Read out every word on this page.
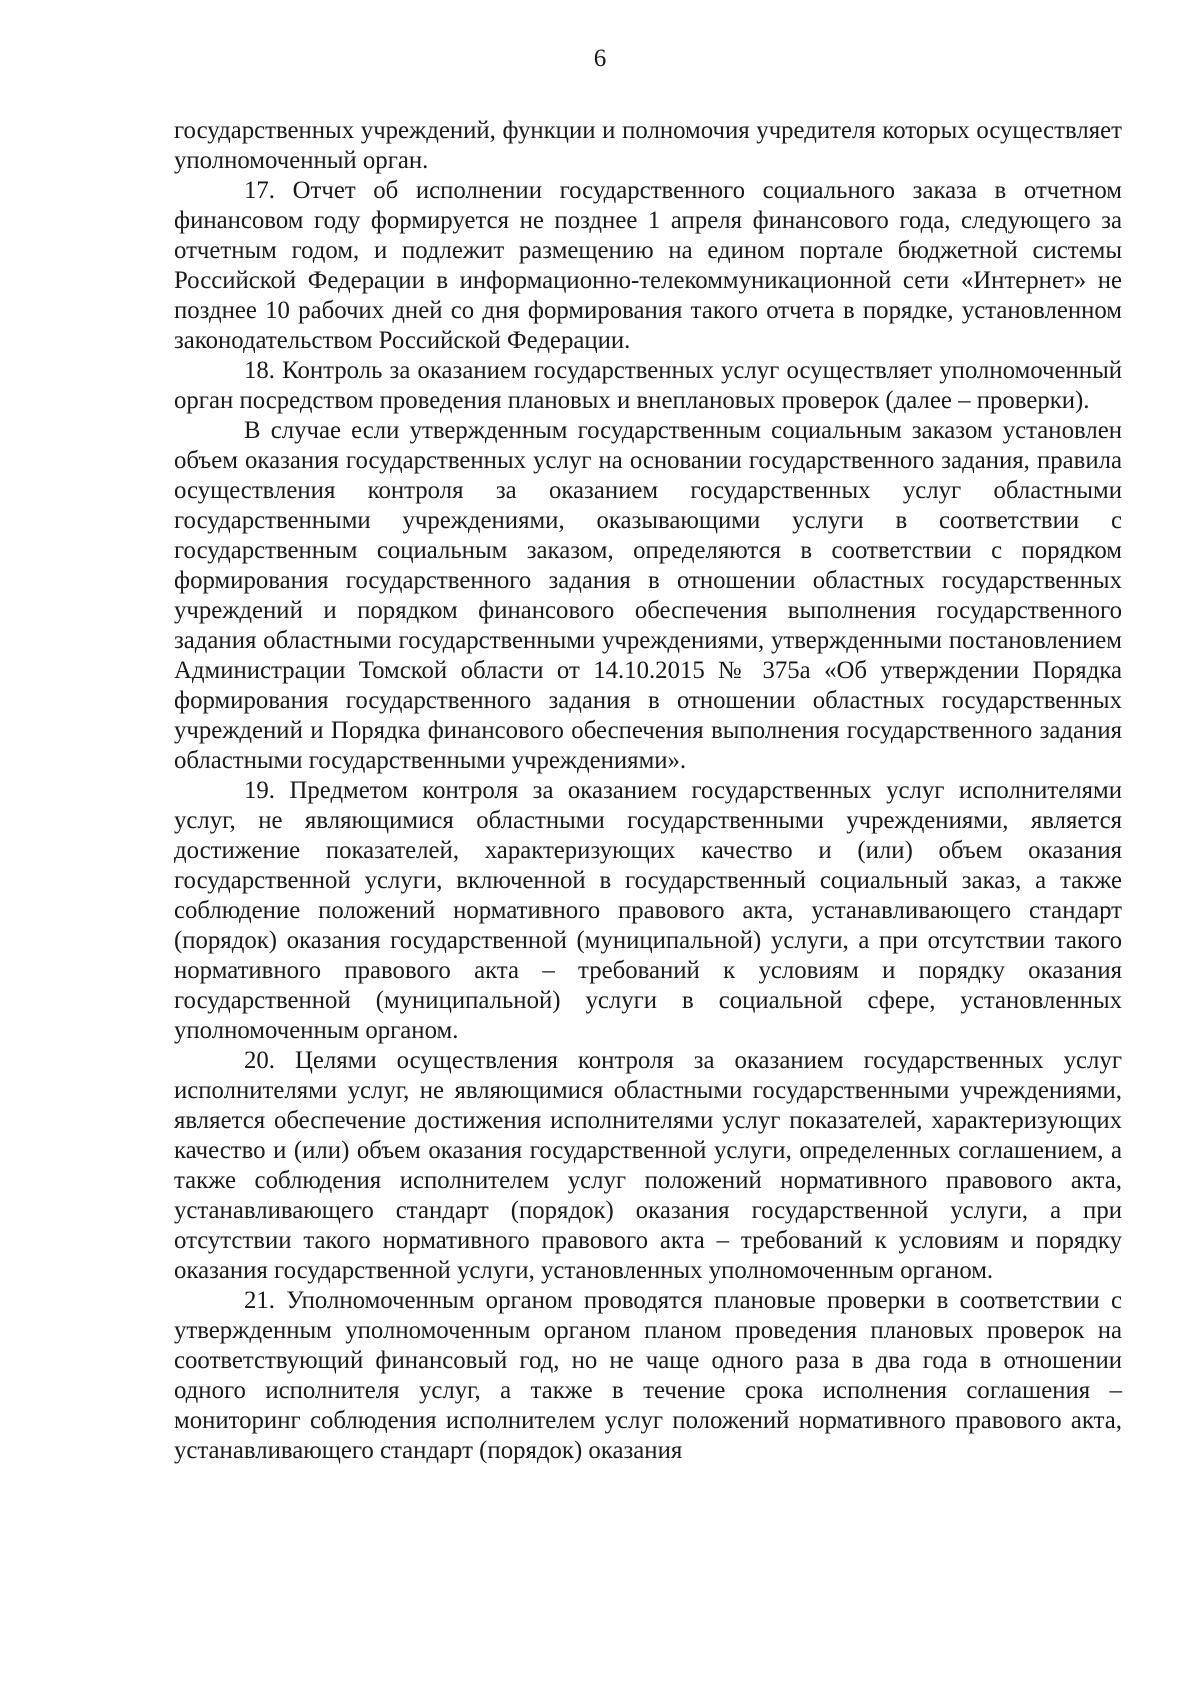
6

государственных учреждений, функции и полномочия учредителя которых осуществляет уполномоченный орган.

17. Отчет об исполнении государственного социального заказа в отчетном финансовом году формируется не позднее 1 апреля финансового года, следующего за отчетным годом, и подлежит размещению на едином портале бюджетной системы Российской Федерации в информационно-телекоммуникационной сети «Интернет» не позднее 10 рабочих дней со дня формирования такого отчета в порядке, установленном законодательством Российской Федерации.

18. Контроль за оказанием государственных услуг осуществляет уполномоченный орган посредством проведения плановых и внеплановых проверок (далее – проверки).

В случае если утвержденным государственным социальным заказом установлен объем оказания государственных услуг на основании государственного задания, правила осуществления контроля за оказанием государственных услуг областными государственными учреждениями, оказывающими услуги в соответствии с государственным социальным заказом, определяются в соответствии с порядком формирования государственного задания в отношении областных государственных учреждений и порядком финансового обеспечения выполнения государственного задания областными государственными учреждениями, утвержденными постановлением Администрации Томской области от 14.10.2015 № 375а «Об утверждении Порядка формирования государственного задания в отношении областных государственных учреждений и Порядка финансового обеспечения выполнения государственного задания областными государственными учреждениями».

19. Предметом контроля за оказанием государственных услуг исполнителями услуг, не являющимися областными государственными учреждениями, является достижение показателей, характеризующих качество и (или) объем оказания государственной услуги, включенной в государственный социальный заказ, а также соблюдение положений нормативного правового акта, устанавливающего стандарт (порядок) оказания государственной (муниципальной) услуги, а при отсутствии такого нормативного правового акта – требований к условиям и порядку оказания государственной (муниципальной) услуги в социальной сфере, установленных уполномоченным органом.

20. Целями осуществления контроля за оказанием государственных услуг исполнителями услуг, не являющимися областными государственными учреждениями, является обеспечение достижения исполнителями услуг показателей, характеризующих качество и (или) объем оказания государственной услуги, определенных соглашением, а также соблюдения исполнителем услуг положений нормативного правового акта, устанавливающего стандарт (порядок) оказания государственной услуги, а при отсутствии такого нормативного правового акта – требований к условиям и порядку оказания государственной услуги, установленных уполномоченным органом.

21. Уполномоченным органом проводятся плановые проверки в соответствии с утвержденным уполномоченным органом планом проведения плановых проверок на соответствующий финансовый год, но не чаще одного раза в два года в отношении одного исполнителя услуг, а также в течение срока исполнения соглашения – мониторинг соблюдения исполнителем услуг положений нормативного правового акта, устанавливающего стандарт (порядок) оказания
